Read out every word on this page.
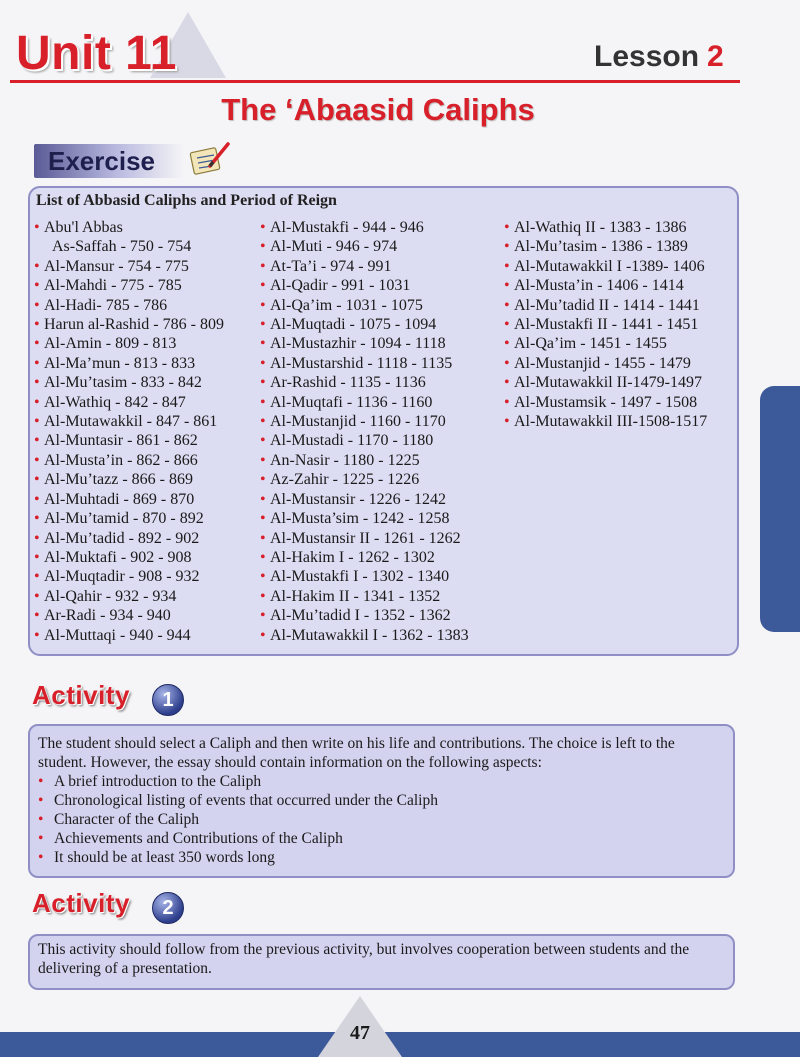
Unit 11	Lesson 2
The ‘Abaasid Caliphs
Exercise
List of Abbasid Caliphs and Period of Reign
• Abu'l Abbas
As-Saffah - 750 - 754
• Al-Mansur - 754 - 775
• Al-Mahdi - 775 - 785
• Al-Hadi- 785 - 786
• Harun al-Rashid - 786 - 809
• Al-Amin - 809 - 813
• Al-Ma’mun - 813 - 833
• Al-Mu’tasim - 833 - 842
• Al-Wathiq - 842 - 847
• Al-Mutawakkil - 847 - 861
• Al-Muntasir - 861 - 862
• Al-Musta’in - 862 - 866
• Al-Mu’tazz - 866 - 869
• Al-Muhtadi - 869 - 870
• Al-Mu’tamid - 870 - 892
• Al-Mu’tadid - 892 - 902
• Al-Muktafi - 902 - 908
• Al-Muqtadir - 908 - 932
• Al-Qahir - 932 - 934
• Ar-Radi - 934 - 940
• Al-Muttaqi - 940 - 944
• Al-Mustakfi - 944 - 946
• Al-Muti - 946 - 974
• At-Ta’i - 974 - 991
• Al-Qadir - 991 - 1031
• Al-Qa’im - 1031 - 1075
• Al-Muqtadi - 1075 - 1094
• Al-Mustazhir - 1094 - 1118
• Al-Mustarshid - 1118 - 1135
• Ar-Rashid - 1135 - 1136
• Al-Muqtafi - 1136 - 1160
• Al-Mustanjid - 1160 - 1170
• Al-Mustadi - 1170 - 1180
• An-Nasir - 1180 - 1225
• Az-Zahir - 1225 - 1226
• Al-Mustansir - 1226 - 1242
• Al-Musta’sim - 1242 - 1258
• Al-Mustansir II - 1261 - 1262
• Al-Hakim I - 1262 - 1302
• Al-Mustakfi I - 1302 - 1340
• Al-Hakim II - 1341 - 1352
• Al-Mu’tadid I - 1352 - 1362
• Al-Mutawakkil I - 1362 - 1383
• Al-Wathiq II - 1383 - 1386
• Al-Mu’tasim - 1386 - 1389
• Al-Mutawakkil I -1389- 1406
• Al-Musta’in - 1406 - 1414
• Al-Mu’tadid II - 1414 - 1441
• Al-Mustakfi II - 1441 - 1451
• Al-Qa’im - 1451 - 1455
• Al-Mustanjid - 1455 - 1479
• Al-Mutawakkil II-1479-1497
• Al-Mustamsik - 1497 - 1508
• Al-Mutawakkil III-1508-1517
Activity	1
The student should select a Caliph and then write on his life and contributions. The choice is left to the student. However, the essay should contain information on the following aspects:
• A brief introduction to the Caliph
• Chronological listing of events that occurred under the Caliph
• Character of the Caliph
• Achievements and Contributions of the Caliph
• It should be at least 350 words long
Activity	2
This activity should follow from the previous activity, but involves cooperation between students and the delivering of a presentation.
47
